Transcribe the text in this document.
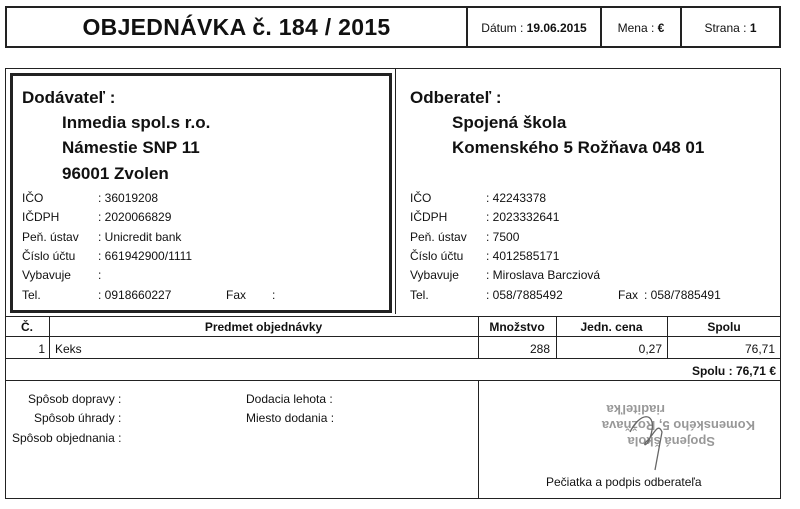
OBJEDNÁVKA č. 184 / 2015	Dátum : 19.06.2015	Mena : €	Strana : 1
Dodávateľ :
Inmedia spol.s r.o.
Námestie SNP 11
96001 Zvolen
IČO	: 36019208
IČDPH	: 2020066829
Peň. ústav : Unicredit bank
Číslo účtu : 661942900/1111
Vybavuje :
Tel.	: 0918660227	Fax :
Odberateľ :
Spojená škola
Komenského 5 Rožňava 048 01
IČO	: 42243378
IČDPH	: 2023332641
Peň. ústav : 7500
Číslo účtu : 4012585171
Vybavuje : Miroslava Barcziová
Tel.	: 058/7885492	Fax : 058/7885491
Č.	Predmet objednávky	Množstvo	Jedn. cena	Spolu
1 Keks	288	0,27	76,71
Spolu : 76,71 €
Spôsob dopravy :
Spôsob úhrady :
Spôsob objednania :
Dodacia lehota :
Miesto dodania :
Spojená škola
Komenského 5, Rožňava
riaditeľka
Pečiatka a podpis odberateľa
